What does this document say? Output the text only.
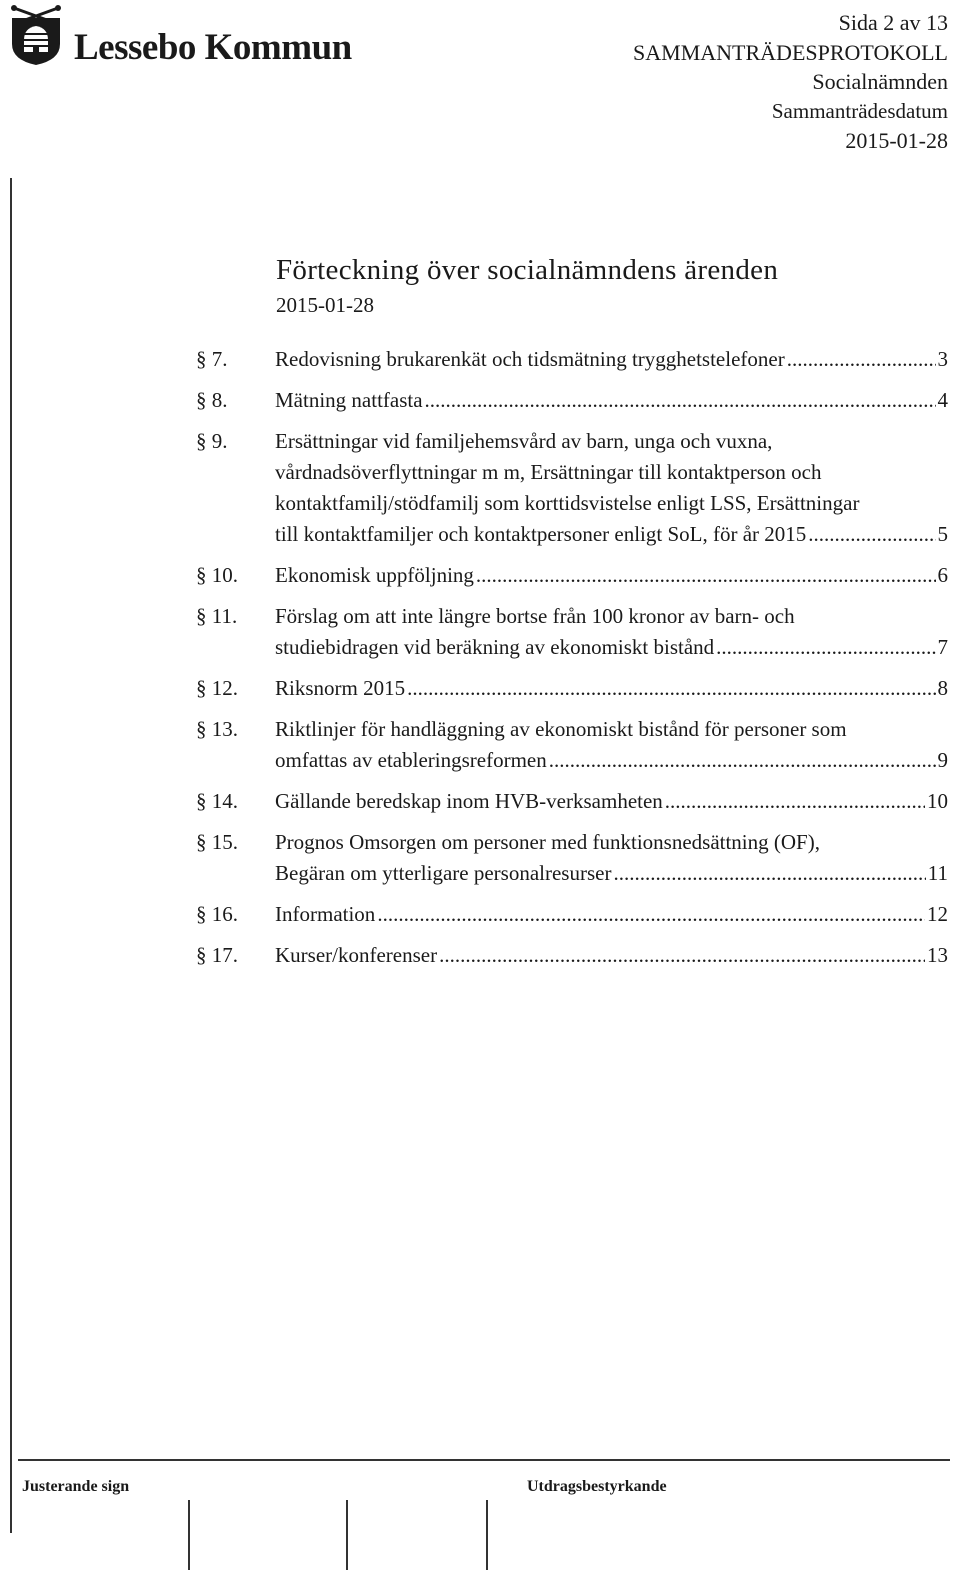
Lessebo Kommun
Sida 2 av 13
SAMMANTRÄDESPROTOKOLL
Socialnämnden
Sammanträdesdatum
2015-01-28
Förteckning över socialnämndens ärenden
2015-01-28
§ 7. Redovisning brukarenkät och tidsmätning trygghetstelefoner .....	3
§ 8. Mätning nattfasta .....	4
§ 9. Ersättningar vid familjehemsvård av barn, unga och vuxna,
vårdnadsöverflyttningar m m, Ersättningar till kontaktperson och
kontaktfamilj/stödfamilj som korttidsvistelse enligt LSS, Ersättningar
till kontaktfamiljer och kontaktpersoner enligt SoL, för år 2015 .....	5
§ 10. Ekonomisk uppföljning .....	6
§ 11. Förslag om att inte längre bortse från 100 kronor av barn- och
studiebidragen vid beräkning av ekonomiskt bistånd .....	7
§ 12. Riksnorm 2015 .....	8
§ 13. Riktlinjer för handläggning av ekonomiskt bistånd för personer som
omfattas av etableringsreformen .....	9
§ 14. Gällande beredskap inom HVB-verksamheten .....	10
§ 15. Prognos Omsorgen om personer med funktionsnedsättning (OF),
Begäran om ytterligare personalresurser .....	11
§ 16. Information .....	12
§ 17. Kurser/konferenser .....	13
Justerande sign	Utdragsbestyrkande
